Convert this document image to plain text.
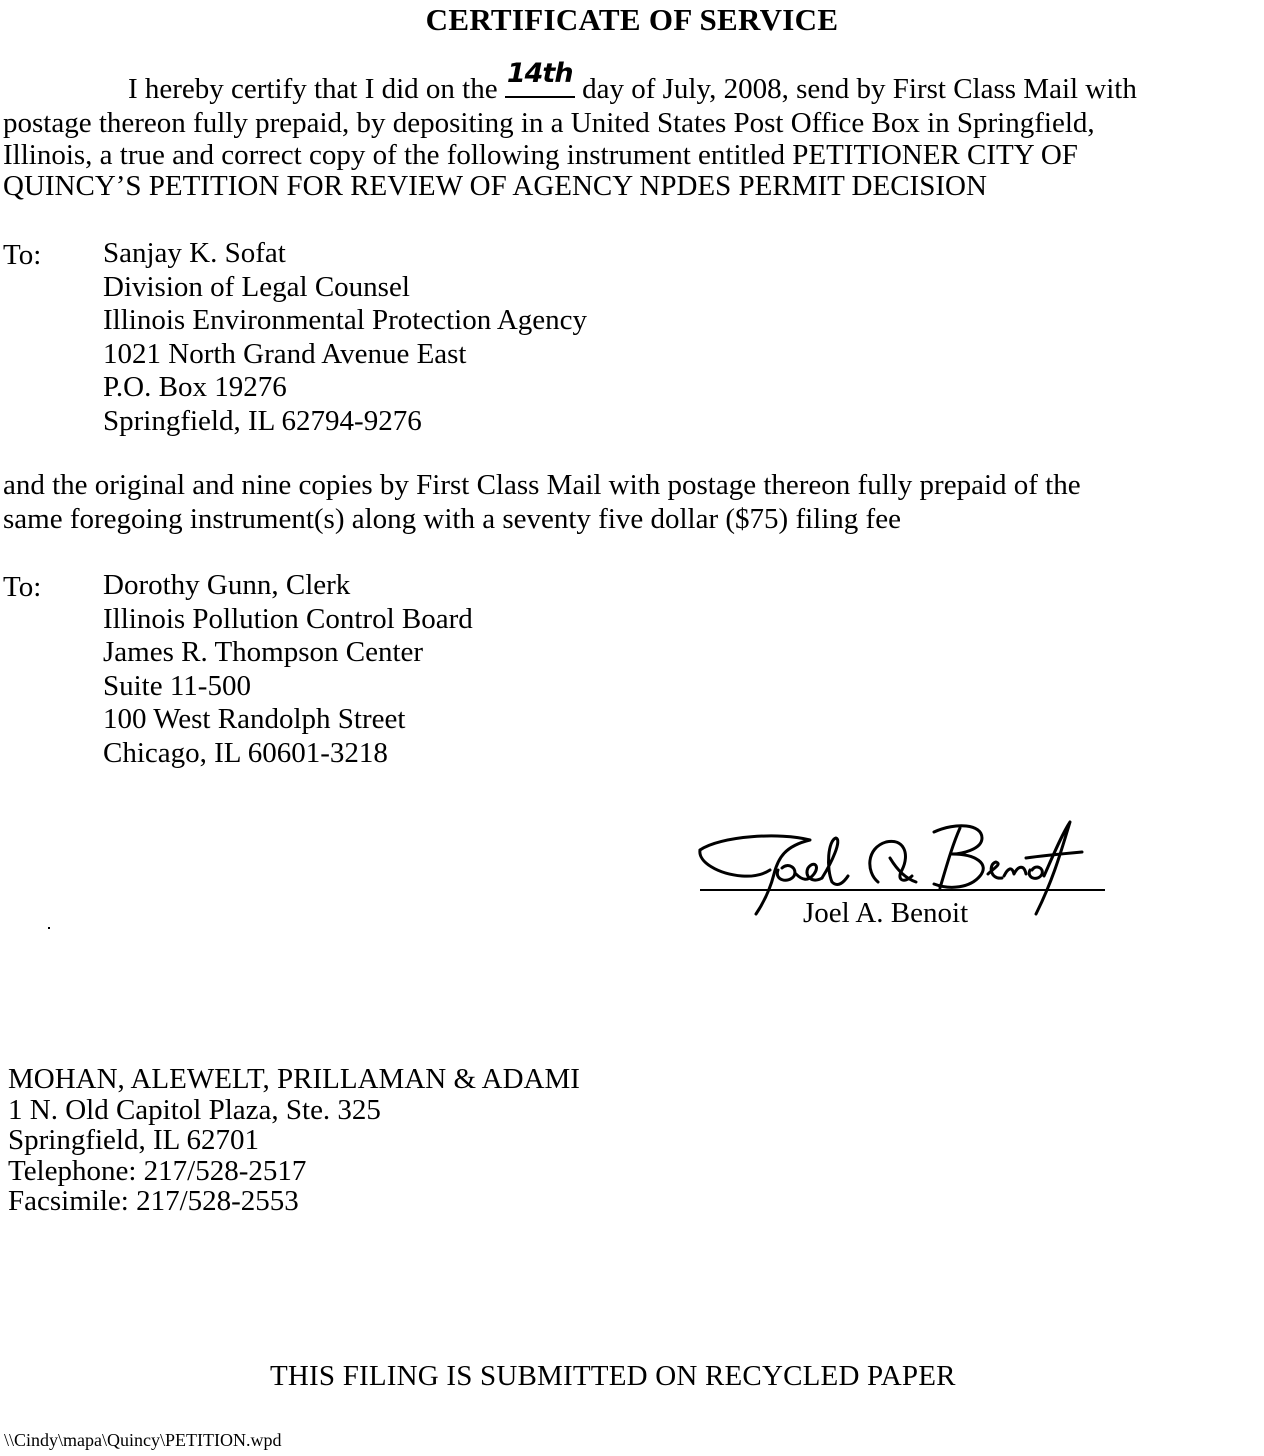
CERTIFICATE OF SERVICE
I hereby certify that I did on the 14th day of July, 2008, send by First Class Mail with
postage thereon fully prepaid, by depositing in a United States Post Office Box in Springfield,
Illinois, a true and correct copy of the following instrument entitled PETITIONER CITY OF
QUINCY’S PETITION FOR REVIEW OF AGENCY NPDES PERMIT DECISION
To: Sanjay K. Sofat
Division of Legal Counsel
Illinois Environmental Protection Agency
1021 North Grand Avenue East
P.O. Box 19276
Springfield, IL 62794-9276
and the original and nine copies by First Class Mail with postage thereon fully prepaid of the
same foregoing instrument(s) along with a seventy five dollar ($75) filing fee
To: Dorothy Gunn, Clerk
Illinois Pollution Control Board
James R. Thompson Center
Suite 11-500
100 West Randolph Street
Chicago, IL 60601-3218
Joel A. Benoit
MOHAN, ALEWELT, PRILLAMAN & ADAMI
1 N. Old Capitol Plaza, Ste. 325
Springfield, IL 62701
Telephone: 217/528-2517
Facsimile: 217/528-2553
THIS FILING IS SUBMITTED ON RECYCLED PAPER
\\Cindy\mapa\Quincy\PETITION.wpd
